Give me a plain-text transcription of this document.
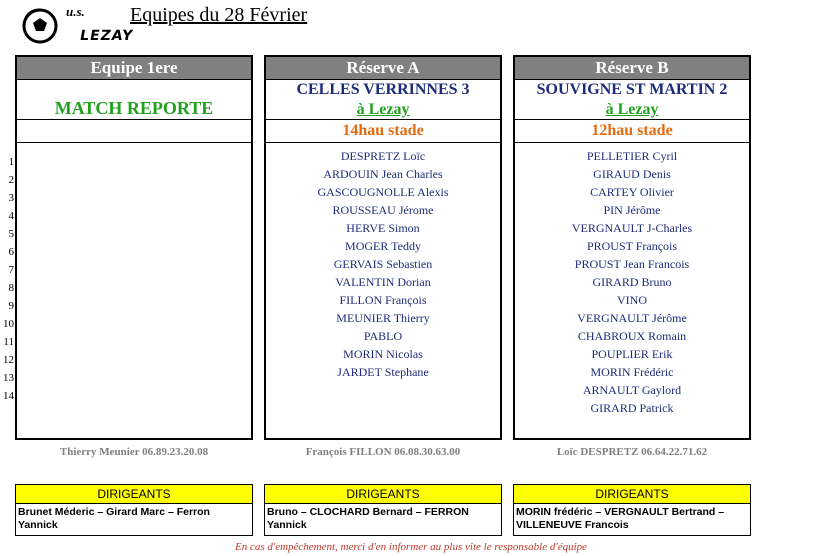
u.s.
LEZAY
Equipes du 28 Février
1
2
3
4
5
6
7
8
9
10
11
12
13
14
Equipe 1ere
MATCH REPORTE
Réserve A
CELLES VERRINNES 3
à Lezay
14hau stade
DESPRETZ Loïc
ARDOUIN Jean Charles
GASCOUGNOLLE Alexis
ROUSSEAU Jérome
HERVE Simon
MOGER Teddy
GERVAIS Sebastien
VALENTIN Dorian
FILLON François
MEUNIER Thierry
PABLO
MORIN Nicolas
JARDET Stephane
Réserve B
SOUVIGNE ST MARTIN 2
à Lezay
12hau stade
PELLETIER Cyril
GIRAUD Denis
CARTEY Olivier
PIN Jérôme
VERGNAULT J-Charles
PROUST François
PROUST Jean Francois
GIRARD Bruno
VINO
VERGNAULT Jérôme
CHABROUX Romain
POUPLIER Erik
MORIN Frédéric
ARNAULT Gaylord
GIRARD Patrick
Thierry Meunier 06.89.23.20.08	François FILLON 06.08.30.63.00	Loïc DESPRETZ 06.64.22.71.62
DIRIGEANTS
Brunet Méderic – Girard Marc – Ferron Yannick
DIRIGEANTS
Bruno – CLOCHARD Bernard – FERRON Yannick
DIRIGEANTS
MORIN frédéric – VERGNAULT Bertrand – VILLENEUVE Francois
En cas d'empêchement, merci d'en informer au plus vite le responsable d'équipe
